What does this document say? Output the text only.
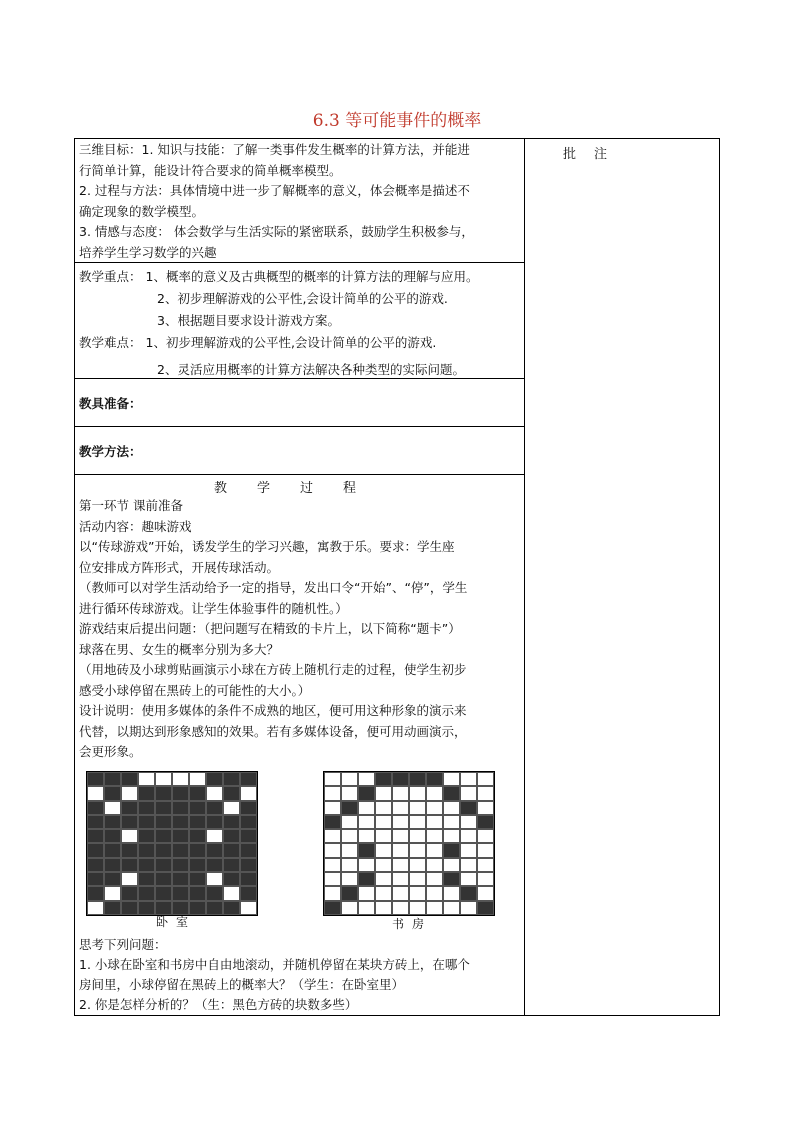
6.3 等可能事件的概率
批注
三维目标：1. 知识与技能：了解一类事件发生概率的计算方法，并能进
行简单计算，能设计符合要求的简单概率模型。
2. 过程与方法：具体情境中进一步了解概率的意义，体会概率是描述不
确定现象的数学模型。
3. 情感与态度： 体会数学与生活实际的紧密联系，鼓励学生积极参与，
培养学生学习数学的兴趣
教学重点： 1、概率的意义及古典概型的概率的计算方法的理解与应用。
2、初步理解游戏的公平性,会设计简单的公平的游戏.
3、根据题目要求设计游戏方案。
教学难点： 1、初步理解游戏的公平性,会设计简单的公平的游戏.
2、灵活应用概率的计算方法解决各种类型的实际问题。
教具准备：
教学方法：
教学过程
第一环节 课前准备
活动内容：趣味游戏
以“传球游戏”开始，诱发学生的学习兴趣，寓教于乐。要求：学生座
位安排成方阵形式，开展传球活动。
（教师可以对学生活动给予一定的指导，发出口令“开始”、“停”，学生
进行循环传球游戏。让学生体验事件的随机性。）
游戏结束后提出问题：（把问题写在精致的卡片上，以下简称“题卡”）
球落在男、女生的概率分别为多大？
（用地砖及小球剪贴画演示小球在方砖上随机行走的过程，使学生初步
感受小球停留在黑砖上的可能性的大小。）
设计说明：使用多媒体的条件不成熟的地区，便可用这种形象的演示来
代替，以期达到形象感知的效果。若有多媒体设备，便可用动画演示，
会更形象。
卧室	书房
思考下列问题：
1. 小球在卧室和书房中自由地滚动，并随机停留在某块方砖上，在哪个
房间里，小球停留在黑砖上的概率大？（学生：在卧室里）
2. 你是怎样分析的？（生：黑色方砖的块数多些）
